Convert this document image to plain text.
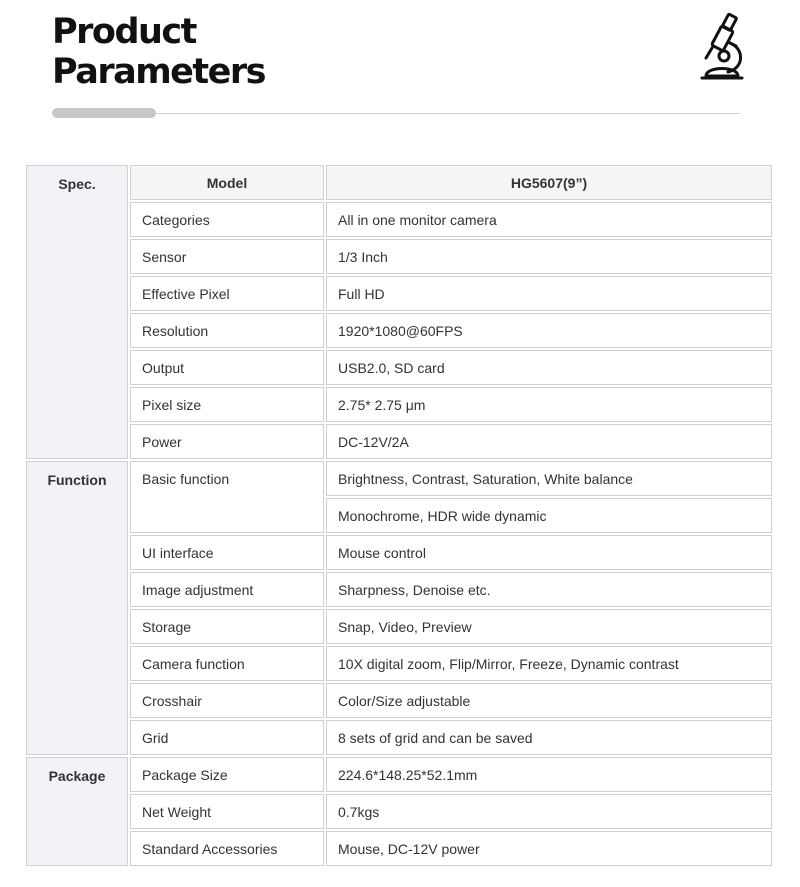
Product
Parameters
Spec.	Model	HG5607(9”)
	Categories	All in one monitor camera
	Sensor	1/3 Inch
	Effective Pixel	Full HD
	Resolution	1920*1080@60FPS
	Output	USB2.0, SD card
	Pixel size	2.75* 2.75 μm
	Power	DC-12V/2A
Function	Basic function	Brightness, Contrast, Saturation, White balance
		Monochrome, HDR wide dynamic
	UI interface	Mouse control
	Image adjustment	Sharpness, Denoise etc.
	Storage	Snap, Video, Preview
	Camera function	10X digital zoom, Flip/Mirror, Freeze, Dynamic contrast
	Crosshair	Color/Size adjustable
	Grid	8 sets of grid and can be saved
Package	Package Size	224.6*148.25*52.1mm
	Net Weight	0.7kgs
	Standard Accessories	Mouse, DC-12V power
